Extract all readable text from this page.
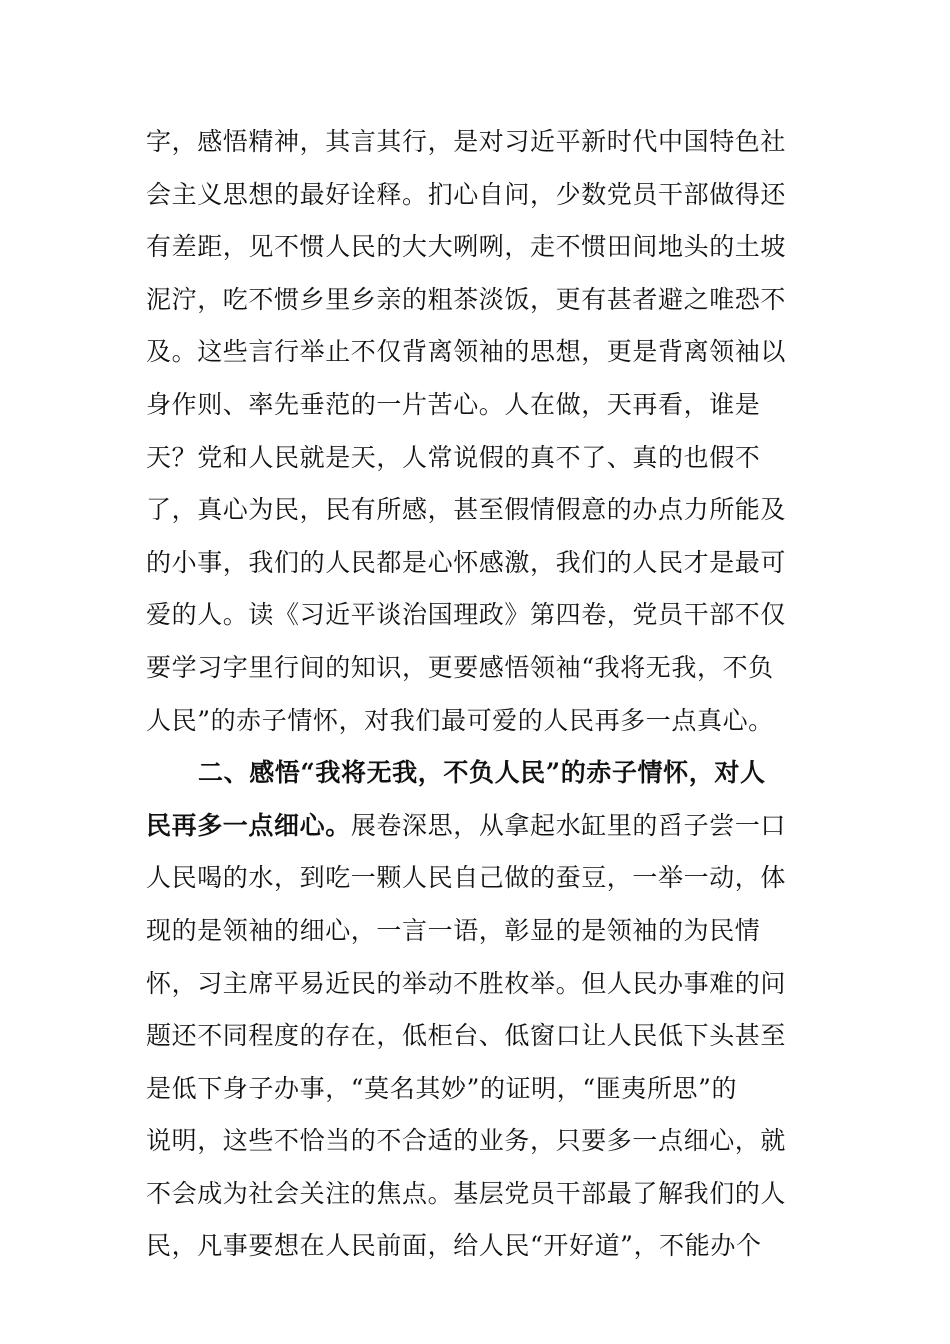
字，感悟精神，其言其行，是对习近平新时代中国特色社
会主义思想的最好诠释。扪心自问，少数党员干部做得还
有差距，见不惯人民的大大咧咧，走不惯田间地头的土坡
泥泞，吃不惯乡里乡亲的粗茶淡饭，更有甚者避之唯恐不
及。这些言行举止不仅背离领袖的思想，更是背离领袖以
身作则、率先垂范的一片苦心。人在做，天再看，谁是
天？党和人民就是天，人常说假的真不了、真的也假不
了，真心为民，民有所感，甚至假情假意的办点力所能及
的小事，我们的人民都是心怀感激，我们的人民才是最可
爱的人。读《习近平谈治国理政》第四卷，党员干部不仅
要学习字里行间的知识，更要感悟领袖“我将无我，不负
人民”的赤子情怀，对我们最可爱的人民再多一点真心。
二、感悟“我将无我，不负人民”的赤子情怀，对人
民再多一点细心。展卷深思，从拿起水缸里的舀子尝一口
人民喝的水，到吃一颗人民自己做的蚕豆，一举一动，体
现的是领袖的细心，一言一语，彰显的是领袖的为民情
怀，习主席平易近民的举动不胜枚举。但人民办事难的问
题还不同程度的存在，低柜台、低窗口让人民低下头甚至
是低下身子办事，“莫名其妙”的证明，“匪夷所思”的
说明，这些不恰当的不合适的业务，只要多一点细心，就
不会成为社会关注的焦点。基层党员干部最了解我们的人
民，凡事要想在人民前面，给人民“开好道”，不能办个
